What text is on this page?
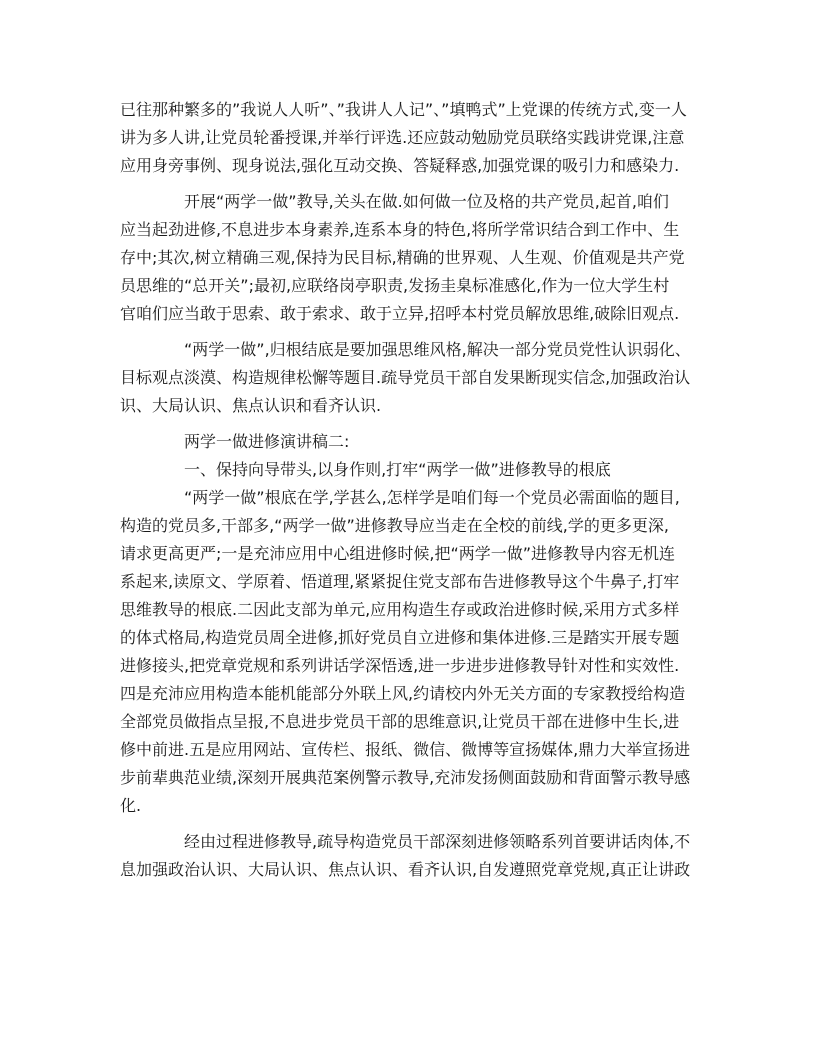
已往那种繁多的”我说人人听”、”我讲人人记”、”填鸭式”上党课的传统方式,变一人
讲为多人讲,让党员轮番授课,并举行评选.还应鼓动勉励党员联络实践讲党课,注意
应用身旁事例、现身说法,强化互动交换、答疑释惑,加强党课的吸引力和感染力.

开展“两学一做”教导,关头在做.如何做一位及格的共产党员,起首,咱们
应当起劲进修,不息进步本身素养,连系本身的特色,将所学常识结合到工作中、生
存中;其次,树立精确三观,保持为民目标,精确的世界观、人生观、价值观是共产党
员思维的“总开关”;最初,应联络岗亭职责,发扬圭臬标准感化,作为一位大学生村
官咱们应当敢于思索、敢于索求、敢于立异,招呼本村党员解放思维,破除旧观点.

“两学一做”,归根结底是要加强思维风格,解决一部分党员党性认识弱化、
目标观点淡漠、构造规律松懈等题目.疏导党员干部自发果断现实信念,加强政治认
识、大局认识、焦点认识和看齐认识.

两学一做进修演讲稿二:

一、保持向导带头,以身作则,打牢“两学一做”进修教导的根底

“两学一做”根底在学,学甚么,怎样学是咱们每一个党员必需面临的题目,
构造的党员多,干部多,“两学一做”进修教导应当走在全校的前线,学的更多更深,
请求更高更严;一是充沛应用中心组进修时候,把“两学一做”进修教导内容无机连
系起来,读原文、学原着、悟道理,紧紧捉住党支部布告进修教导这个牛鼻子,打牢
思维教导的根底.二因此支部为单元,应用构造生存或政治进修时候,采用方式多样
的体式格局,构造党员周全进修,抓好党员自立进修和集体进修.三是踏实开展专题
进修接头,把党章党规和系列讲话学深悟透,进一步进步进修教导针对性和实效性.
四是充沛应用构造本能机能部分外联上风,约请校内外无关方面的专家教授给构造
全部党员做指点呈报,不息进步党员干部的思维意识,让党员干部在进修中生长,进
修中前进.五是应用网站、宣传栏、报纸、微信、微博等宣扬媒体,鼎力大举宣扬进
步前辈典范业绩,深刻开展典范案例警示教导,充沛发扬侧面鼓励和背面警示教导感
化.

经由过程进修教导,疏导构造党员干部深刻进修领略系列首要讲话肉体,不
息加强政治认识、大局认识、焦点认识、看齐认识,自发遵照党章党规,真正让讲政
